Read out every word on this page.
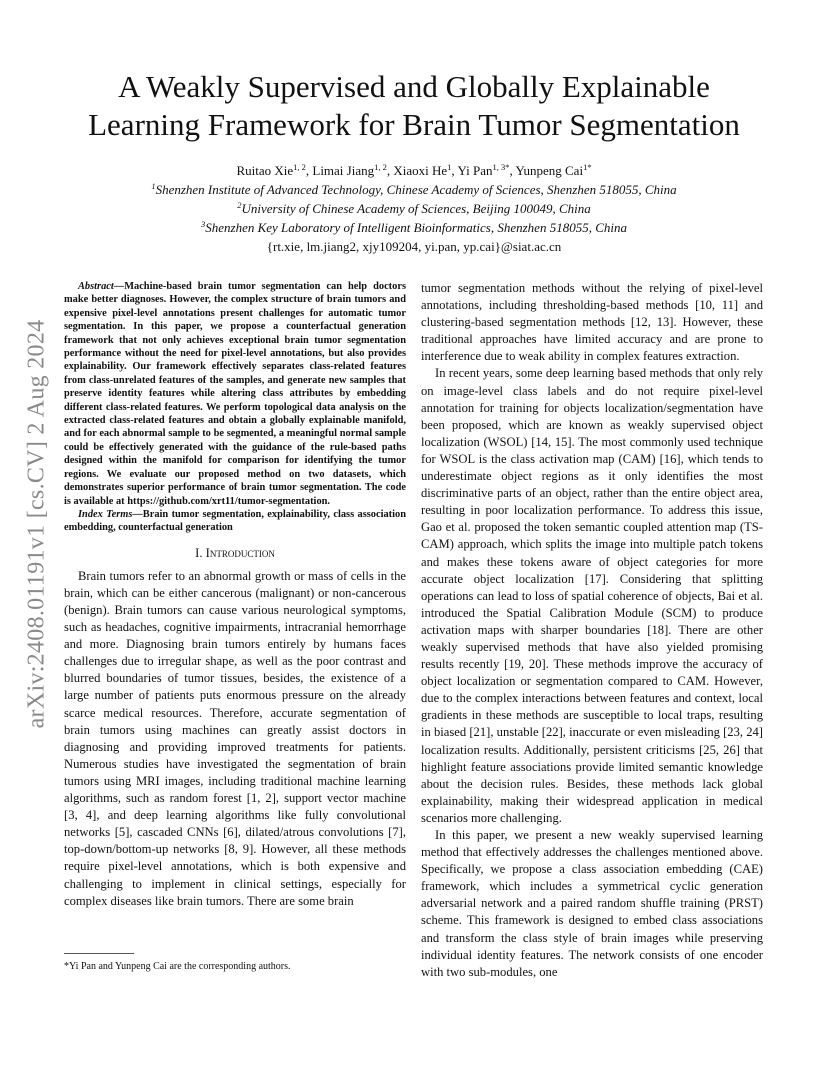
arXiv:2408.01191v1 [cs.CV] 2 Aug 2024
A Weakly Supervised and Globally Explainable
Learning Framework for Brain Tumor Segmentation
Ruitao Xie$^{1, 2}$, Limai Jiang$^{1, 2}$, Xiaoxi He$^1$, Yi Pan$^{1, 3*}$, Yunpeng Cai$^{1*}$
$^1$Shenzhen Institute of Advanced Technology, Chinese Academy of Sciences, Shenzhen 518055, China
$^2$University of Chinese Academy of Sciences, Beijing 100049, China
$^3$Shenzhen Key Laboratory of Intelligent Bioinformatics, Shenzhen 518055, China
{rt.xie, lm.jiang2, xjy109204, yi.pan, yp.cai}@siat.ac.cn

Abstract—Machine-based brain tumor segmentation can help doctors make better diagnoses. However, the complex structure of brain tumors and expensive pixel-level annotations present challenges for automatic tumor segmentation. In this paper, we propose a counterfactual generation framework that not only achieves exceptional brain tumor segmentation performance without the need for pixel-level annotations, but also provides explainability. Our framework effectively separates class-related features from class-unrelated features of the samples, and generate new samples that preserve identity features while altering class attributes by embedding different class-related features. We perform topological data analysis on the extracted class-related features and obtain a globally explainable manifold, and for each abnormal sample to be segmented, a meaningful normal sample could be effectively generated with the guidance of the rule-based paths designed within the manifold for comparison for identifying the tumor regions. We evaluate our proposed method on two datasets, which demonstrates superior performance of brain tumor segmentation. The code is available at https://github.com/xrt11/tumor-segmentation.

Index Terms—Brain tumor segmentation, explainability, class association embedding, counterfactual generation

I. Introduction

Brain tumors refer to an abnormal growth or mass of cells in the brain, which can be either cancerous (malignant) or non-cancerous (benign). Brain tumors can cause various neurological symptoms, such as headaches, cognitive impairments, intracranial hemorrhage and more. Diagnosing brain tumors entirely by humans faces challenges due to irregular shape, as well as the poor contrast and blurred boundaries of tumor tissues, besides, the existence of a large number of patients puts enormous pressure on the already scarce medical resources. Therefore, accurate segmentation of brain tumors using machines can greatly assist doctors in diagnosing and providing improved treatments for patients. Numerous studies have investigated the segmentation of brain tumors using MRI images, including traditional machine learning algorithms, such as random forest [1, 2], support vector machine [3, 4], and deep learning algorithms like fully convolutional networks [5], cascaded CNNs [6], dilated/atrous convolutions [7], top-down/bottom-up networks [8, 9]. However, all these methods require pixel-level annotations, which is both expensive and challenging to implement in clinical settings, especially for complex diseases like brain tumors. There are some brain

*Yi Pan and Yunpeng Cai are the corresponding authors.

tumor segmentation methods without the relying of pixel-level annotations, including thresholding-based methods [10, 11] and clustering-based segmentation methods [12, 13]. However, these traditional approaches have limited accuracy and are prone to interference due to weak ability in complex features extraction.

In recent years, some deep learning based methods that only rely on image-level class labels and do not require pixel-level annotation for training for objects localization/segmentation have been proposed, which are known as weakly supervised object localization (WSOL) [14, 15]. The most commonly used technique for WSOL is the class activation map (CAM) [16], which tends to underestimate object regions as it only identifies the most discriminative parts of an object, rather than the entire object area, resulting in poor localization performance. To address this issue, Gao et al. proposed the token semantic coupled attention map (TS-CAM) approach, which splits the image into multiple patch tokens and makes these tokens aware of object categories for more accurate object localization [17]. Considering that splitting operations can lead to loss of spatial coherence of objects, Bai et al. introduced the Spatial Calibration Module (SCM) to produce activation maps with sharper boundaries [18]. There are other weakly supervised methods that have also yielded promising results recently [19, 20]. These methods improve the accuracy of object localization or segmentation compared to CAM. However, due to the complex interactions between features and context, local gradients in these methods are susceptible to local traps, resulting in biased [21], unstable [22], inaccurate or even misleading [23, 24] localization results. Additionally, persistent criticisms [25, 26] that highlight feature associations provide limited semantic knowledge about the decision rules. Besides, these methods lack global explainability, making their widespread application in medical scenarios more challenging.

In this paper, we present a new weakly supervised learning method that effectively addresses the challenges mentioned above. Specifically, we propose a class association embedding (CAE) framework, which includes a symmetrical cyclic generation adversarial network and a paired random shuffle training (PRST) scheme. This framework is designed to embed class associations and transform the class style of brain images while preserving individual identity features. The network consists of one encoder with two sub-modules, one
